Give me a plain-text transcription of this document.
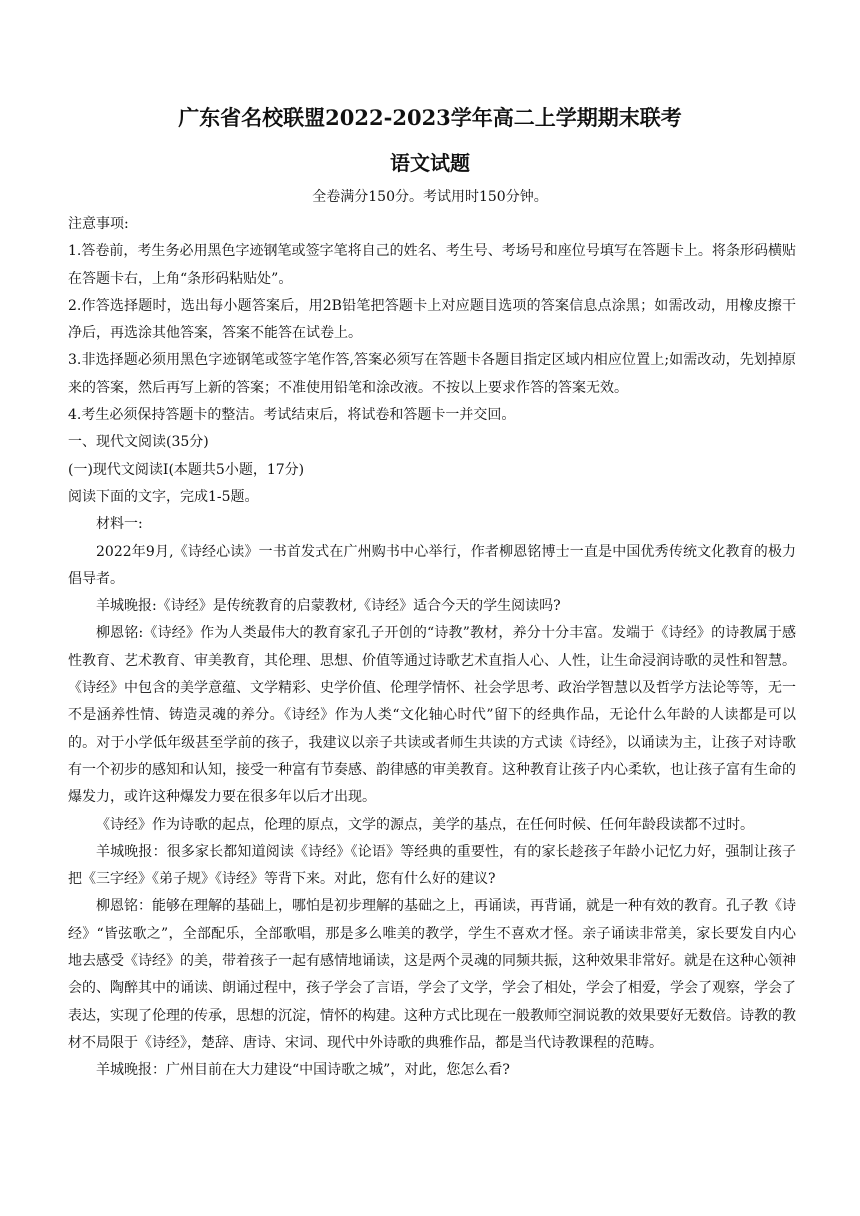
广东省名校联盟2022-2023学年高二上学期期末联考
语文试题

全卷满分150分。考试用时150分钟。

注意事项:

1.答卷前，考生务必用黑色字迹钢笔或签字笔将自己的姓名、考生号、考场号和座位号填写在答题卡上。将条形码横贴在答题卡右，上角“条形码粘贴处”。

2.作答选择题时，选出每小题答案后，用2B铅笔把答题卡上对应题目选项的答案信息点涂黑；如需改动，用橡皮擦干净后，再选涂其他答案，答案不能答在试卷上。

3.非选择题必须用黑色字迹钢笔或签字笔作答,答案必须写在答题卡各题目指定区域内相应位置上;如需改动，先划掉原来的答案，然后再写上新的答案；不准使用铅笔和涂改液。不按以上要求作答的答案无效。

4.考生必须保持答题卡的整洁。考试结束后，将试卷和答题卡一并交回。

一、现代文阅读(35分)

(一)现代文阅读Ⅰ(本题共5小题，17分)

阅读下面的文字，完成1-5题。

材料一:

2022年9月,《诗经心读》一书首发式在广州购书中心举行，作者柳恩铭博士一直是中国优秀传统文化教育的极力倡导者。

羊城晚报:《诗经》是传统教育的启蒙教材,《诗经》适合今天的学生阅读吗?

柳恩铭:《诗经》作为人类最伟大的教育家孔子开创的“诗教”教材，养分十分丰富。发端于《诗经》的诗教属于感性教育、艺术教育、审美教育，其伦理、思想、价值等通过诗歌艺术直指人心、人性，让生命浸润诗歌的灵性和智慧。《诗经》中包含的美学意蕴、文学精彩、史学价值、伦理学情怀、社会学思考、政治学智慧以及哲学方法论等等，无一不是涵养性情、铸造灵魂的养分。《诗经》作为人类“文化轴心时代”留下的经典作品，无论什么年龄的人读都是可以的。对于小学低年级甚至学前的孩子，我建议以亲子共读或者师生共读的方式读《诗经》，以诵读为主，让孩子对诗歌有一个初步的感知和认知，接受一种富有节奏感、韵律感的审美教育。这种教育让孩子内心柔软，也让孩子富有生命的爆发力，或许这种爆发力要在很多年以后才出现。

《诗经》作为诗歌的起点，伦理的原点，文学的源点，美学的基点，在任何时候、任何年龄段读都不过时。

羊城晚报：很多家长都知道阅读《诗经》《论语》等经典的重要性，有的家长趁孩子年龄小记忆力好，强制让孩子把《三字经》《弟子规》《诗经》等背下来。对此，您有什么好的建议?

柳恩铭：能够在理解的基础上，哪怕是初步理解的基础之上，再诵读，再背诵，就是一种有效的教育。孔子教《诗经》“皆弦歌之”，全部配乐，全部歌唱，那是多么唯美的教学，学生不喜欢才怪。亲子诵读非常美，家长要发自内心地去感受《诗经》的美，带着孩子一起有感情地诵读，这是两个灵魂的同频共振，这种效果非常好。就是在这种心领神会的、陶醉其中的诵读、朗诵过程中，孩子学会了言语，学会了文学，学会了相处，学会了相爱，学会了观察，学会了表达，实现了伦理的传承，思想的沉淀，情怀的构建。这种方式比现在一般教师空洞说教的效果要好无数倍。诗教的教材不局限于《诗经》，楚辞、唐诗、宋词、现代中外诗歌的典雅作品，都是当代诗教课程的范畴。

羊城晚报：广州目前在大力建设“中国诗歌之城”，对此，您怎么看?
